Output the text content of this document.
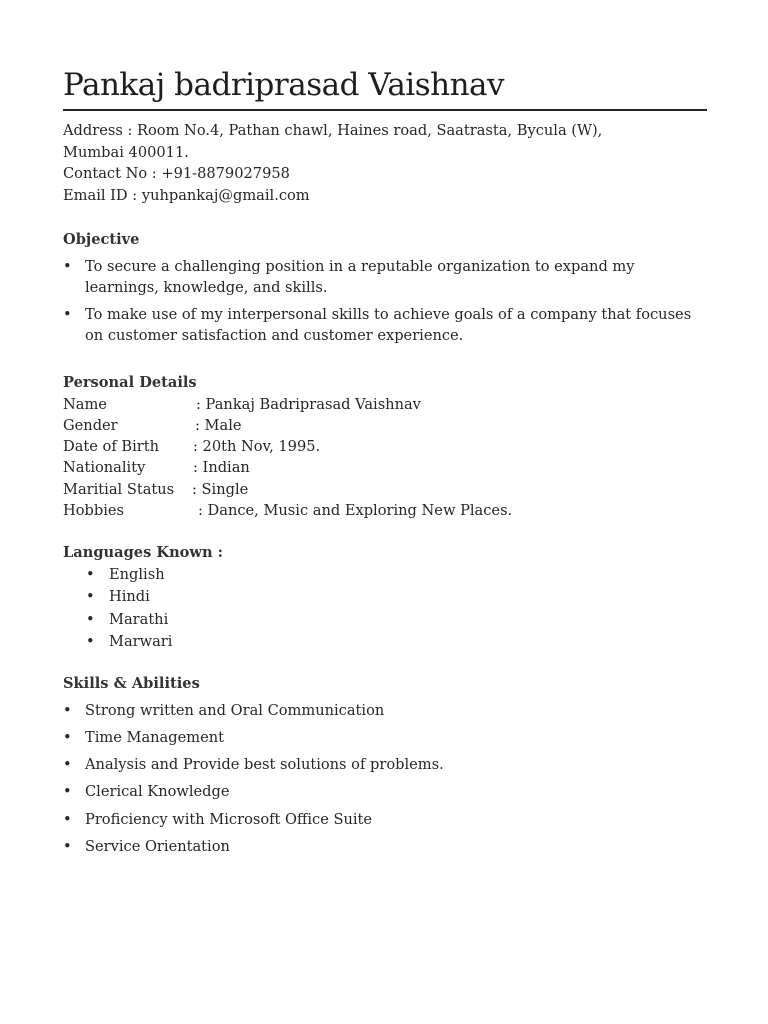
Pankaj badriprasad Vaishnav
Address : Room No.4, Pathan chawl, Haines road, Saatrasta, Bycula (W),
Mumbai 400011.
Contact No : +91-8879027958
Email ID : yuhpankaj@gmail.com
Objective
• To secure a challenging position in a reputable organization to expand my learnings, knowledge, and skills.
• To make use of my interpersonal skills to achieve goals of a company that focuses on customer satisfaction and customer experience.
Personal Details
Name	: Pankaj Badriprasad Vaishnav
Gender	: Male
Date of Birth : 20th Nov, 1995.
Nationality	: Indian
Maritial Status : Single
Hobbies	: Dance, Music and Exploring New Places.
Languages Known :
• English
• Hindi
• Marathi
• Marwari
Skills & Abilities
• Strong written and Oral Communication
• Time Management
• Analysis and Provide best solutions of problems.
• Clerical Knowledge
• Proficiency with Microsoft Office Suite
• Service Orientation
